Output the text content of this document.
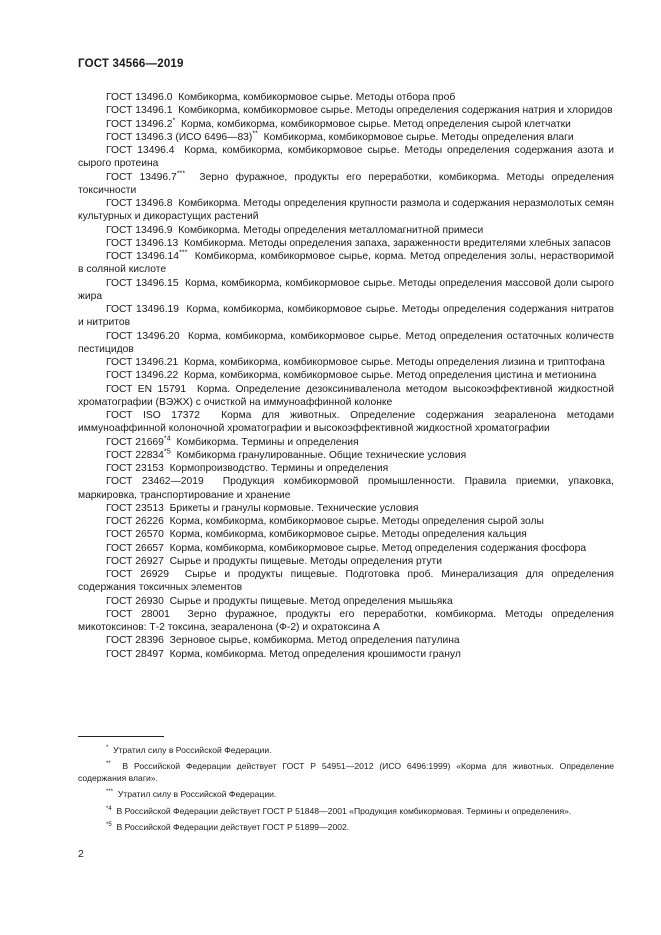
ГОСТ 34566—2019

ГОСТ 13496.0 Комбикорма, комбикормовое сырье. Методы отбора проб

ГОСТ 13496.1 Комбикорма, комбикормовое сырье. Методы определения содержания натрия и хлоридов

ГОСТ 13496.2* Корма, комбикорма, комбикормовое сырье. Метод определения сырой клетчатки

ГОСТ 13496.3 (ИСО 6496—83)** Комбикорма, комбикормовое сырье. Методы определения влаги

ГОСТ 13496.4 Корма, комбикорма, комбикормовое сырье. Методы определения содержания азота и сырого протеина

ГОСТ 13496.7*** Зерно фуражное, продукты его переработки, комбикорма. Методы определения токсичности

ГОСТ 13496.8 Комбикорма. Методы определения крупности размола и содержания неразмолотых семян культурных и дикорастущих растений

ГОСТ 13496.9 Комбикорма. Методы определения металломагнитной примеси

ГОСТ 13496.13 Комбикорма. Методы определения запаха, зараженности вредителями хлебных запасов

ГОСТ 13496.14*** Комбикорма, комбикормовое сырье, корма. Метод определения золы, нерастворимой в соляной кислоте

ГОСТ 13496.15 Корма, комбикорма, комбикормовое сырье. Методы определения массовой доли сырого жира

ГОСТ 13496.19 Корма, комбикорма, комбикормовое сырье. Методы определения содержания нитратов и нитритов

ГОСТ 13496.20 Корма, комбикорма, комбикормовое сырье. Метод определения остаточных количеств пестицидов

ГОСТ 13496.21 Корма, комбикорма, комбикормовое сырье. Методы определения лизина и триптофана

ГОСТ 13496.22 Корма, комбикорма, комбикормовое сырье. Метод определения цистина и метионина

ГОСТ EN 15791 Корма. Определение дезоксиниваленола методом высокоэффективной жидкостной хроматографии (ВЭЖХ) с очисткой на иммуноаффинной колонке

ГОСТ ISO 17372 Корма для животных. Определение содержания зеараленона методами иммуноаффинной колоночной хроматографии и высокоэффективной жидкостной хроматографии

ГОСТ 21669$^{*4}$ Комбикорма. Термины и определения

ГОСТ 22834$^{*5}$ Комбикорма гранулированные. Общие технические условия

ГОСТ 23153 Кормопроизводство. Термины и определения

ГОСТ 23462—2019 Продукция комбикормовой промышленности. Правила приемки, упаковка, маркировка, транспортирование и хранение

ГОСТ 23513 Брикеты и гранулы кормовые. Технические условия

ГОСТ 26226 Корма, комбикорма, комбикормовое сырье. Методы определения сырой золы

ГОСТ 26570 Корма, комбикорма, комбикормовое сырье. Методы определения кальция

ГОСТ 26657 Корма, комбикорма, комбикормовое сырье. Метод определения содержания фосфора

ГОСТ 26927 Сырье и продукты пищевые. Методы определения ртути

ГОСТ 26929 Сырье и продукты пищевые. Подготовка проб. Минерализация для определения содержания токсичных элементов

ГОСТ 26930 Сырье и продукты пищевые. Метод определения мышьяка

ГОСТ 28001 Зерно фуражное, продукты его переработки, комбикорма. Методы определения микотоксинов: Т-2 токсина, зеараленона (Ф-2) и охратоксина А

ГОСТ 28396 Зерновое сырье, комбикорма. Метод определения патулина

ГОСТ 28497 Корма, комбикорма. Метод определения крошимости гранул

* Утратил силу в Российской Федерации.

** В Российской Федерации действует ГОСТ Р 54951—2012 (ИСО 6496:1999) «Корма для животных. Определение содержания влаги».

*** Утратил силу в Российской Федерации.

$^{*4}$ В Российской Федерации действует ГОСТ Р 51848—2001 «Продукция комбикормовая. Термины и определения».

$^{*5}$ В Российской Федерации действует ГОСТ Р 51899—2002.

2
